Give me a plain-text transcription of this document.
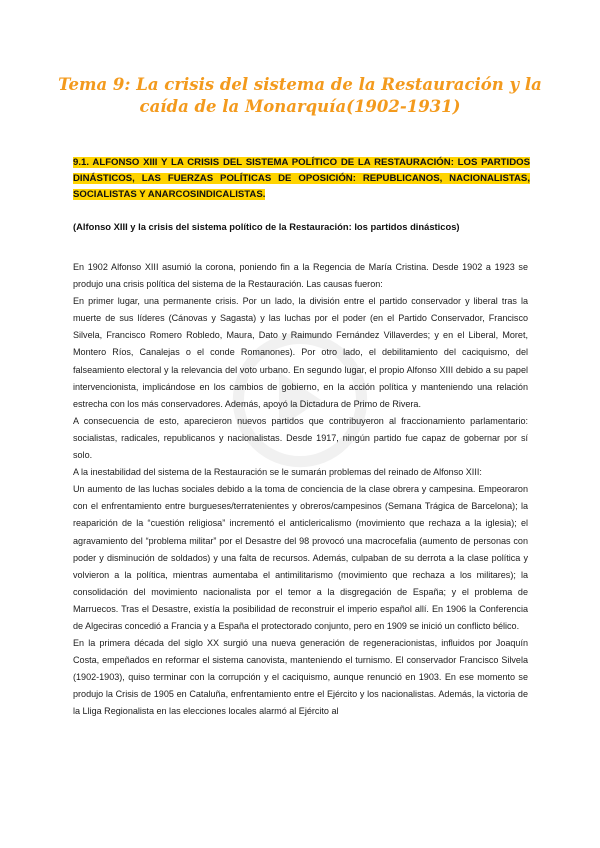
Tema 9: La crisis del sistema de la Restauración y la caída de la Monarquía(1902-1931)
9.1. ALFONSO XIII Y LA CRISIS DEL SISTEMA POLÍTICO DE LA RESTAURACIÓN: LOS PARTIDOS DINÁSTICOS, LAS FUERZAS POLÍTICAS DE OPOSICIÓN: REPUBLICANOS, NACIONALISTAS, SOCIALISTAS Y ANARCOSINDICALISTAS.
(Alfonso XIII y la crisis del sistema político de la Restauración: los partidos dinásticos)

En 1902 Alfonso XIII asumió la corona, poniendo fin a la Regencia de María Cristina. Desde 1902 a 1923 se produjo una crisis política del sistema de la Restauración. Las causas fueron:

En primer lugar, una permanente crisis. Por un lado, la división entre el partido conservador y liberal tras la muerte de sus líderes (Cánovas y Sagasta) y las luchas por el poder (en el Partido Conservador, Francisco Silvela, Francisco Romero Robledo, Maura, Dato y Raimundo Fernández Villaverdes; y en el Liberal, Moret, Montero Ríos, Canalejas o el conde Romanones). Por otro lado, el debilitamiento del caciquismo, del falseamiento electoral y la relevancia del voto urbano. En segundo lugar, el propio Alfonso XIII debido a su papel intervencionista, implicándose en los cambios de gobierno, en la acción política y manteniendo una relación estrecha con los más conservadores. Además, apoyó la Dictadura de Primo de Rivera.

A consecuencia de esto, aparecieron nuevos partidos que contribuyeron al fraccionamiento parlamentario: socialistas, radicales, republicanos y nacionalistas. Desde 1917, ningún partido fue capaz de gobernar por sí solo.

A la inestabilidad del sistema de la Restauración se le sumarán problemas del reinado de Alfonso XIII:

Un aumento de las luchas sociales debido a la toma de conciencia de la clase obrera y campesina. Empeoraron con el enfrentamiento entre burgueses/terratenientes y obreros/campesinos (Semana Trágica de Barcelona); la reaparición de la “cuestión religiosa” incrementó el anticlericalismo (movimiento que rechaza a la iglesia); el agravamiento del “problema militar” por el Desastre del 98 provocó una macrocefalia (aumento de personas con poder y disminución de soldados) y una falta de recursos. Además, culpaban de su derrota a la clase política y volvieron a la política, mientras aumentaba el antimilitarismo (movimiento que rechaza a los militares); la consolidación del movimiento nacionalista por el temor a la disgregación de España; y el problema de Marruecos. Tras el Desastre, existía la posibilidad de reconstruir el imperio español allí. En 1906 la Conferencia de Algeciras concedió a Francia y a España el protectorado conjunto, pero en 1909 se inició un conflicto bélico.

En la primera década del siglo XX surgió una nueva generación de regeneracionistas, influidos por Joaquín Costa, empeñados en reformar el sistema canovista, manteniendo el turnismo. El conservador Francisco Silvela (1902-1903), quiso terminar con la corrupción y el caciquismo, aunque renunció en 1903. En ese momento se produjo la Crisis de 1905 en Cataluña, enfrentamiento entre el Ejército y los nacionalistas. Además, la victoria de la Lliga Regionalista en las elecciones locales alarmó al Ejército al
